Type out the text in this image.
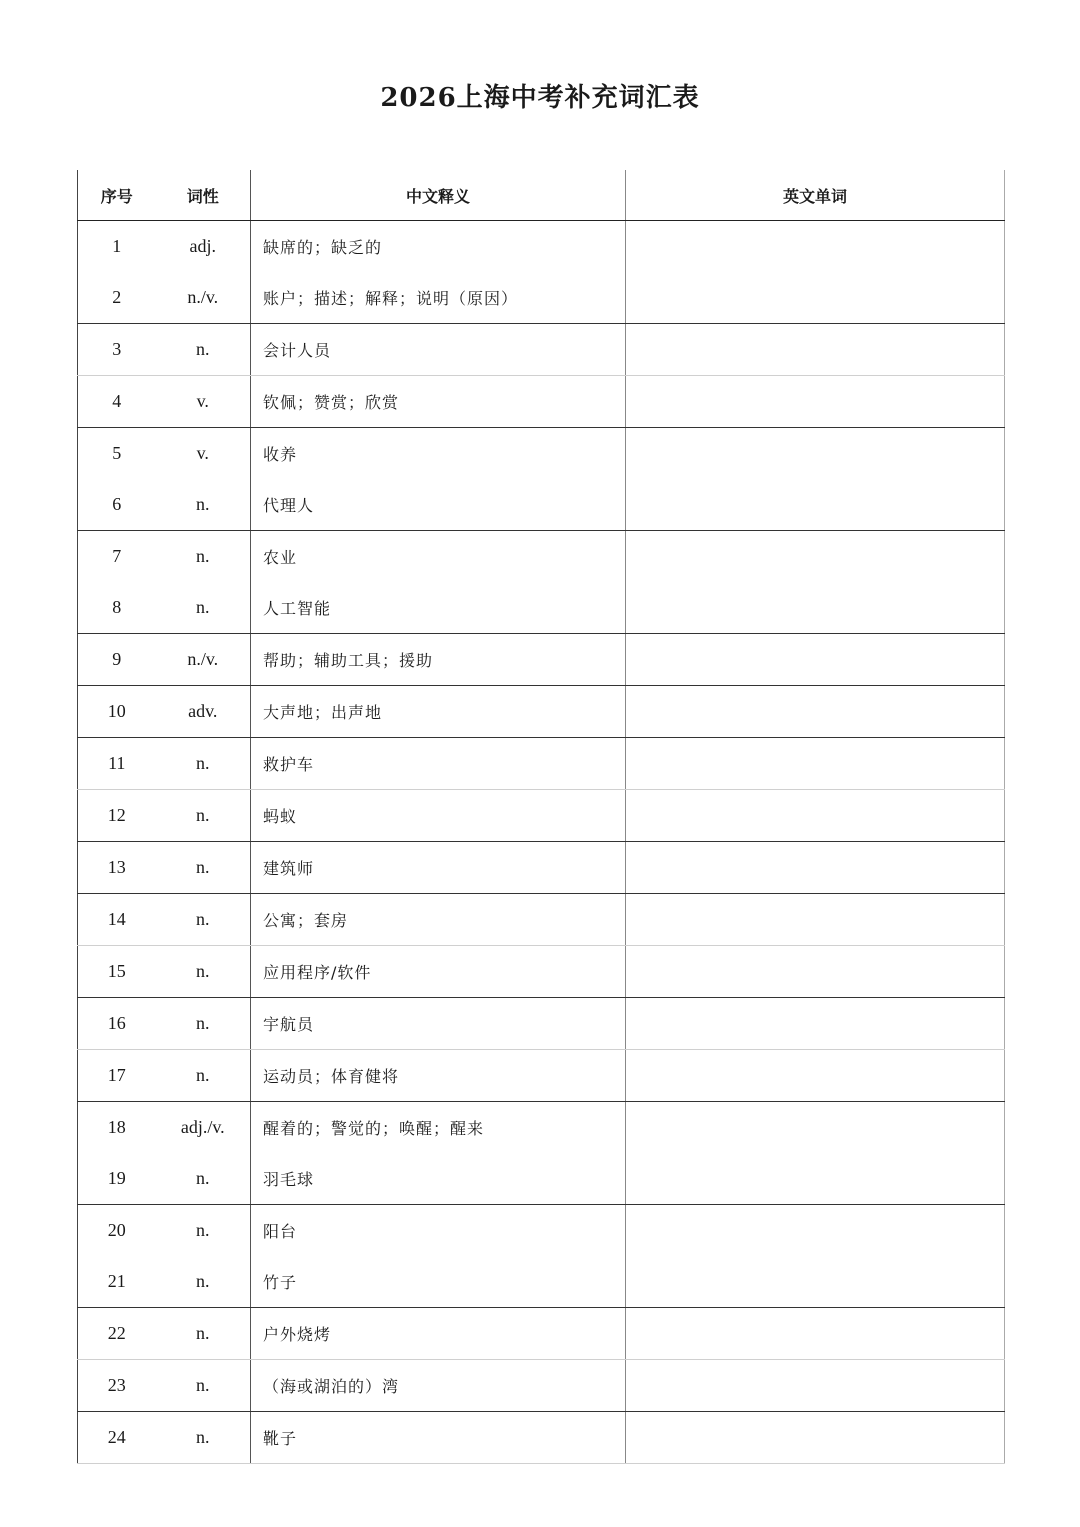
2026上海中考补充词汇表
序号	词性	中文释义	英文单词
1	adj.	缺席的；缺乏的	
2	n./v.	账户；描述；解释；说明（原因）	
3	n.	会计人员	
4	v.	钦佩；赞赏；欣赏	
5	v.	收养	
6	n.	代理人	
7	n.	农业	
8	n.	人工智能	
9	n./v.	帮助；辅助工具；援助	
10	adv.	大声地；出声地	
11	n.	救护车	
12	n.	蚂蚁	
13	n.	建筑师	
14	n.	公寓；套房	
15	n.	应用程序/软件	
16	n.	宇航员	
17	n.	运动员；体育健将	
18	adj./v.	醒着的；警觉的；唤醒；醒来	
19	n.	羽毛球	
20	n.	阳台	
21	n.	竹子	
22	n.	户外烧烤	
23	n.	（海或湖泊的）湾	
24	n.	靴子	
